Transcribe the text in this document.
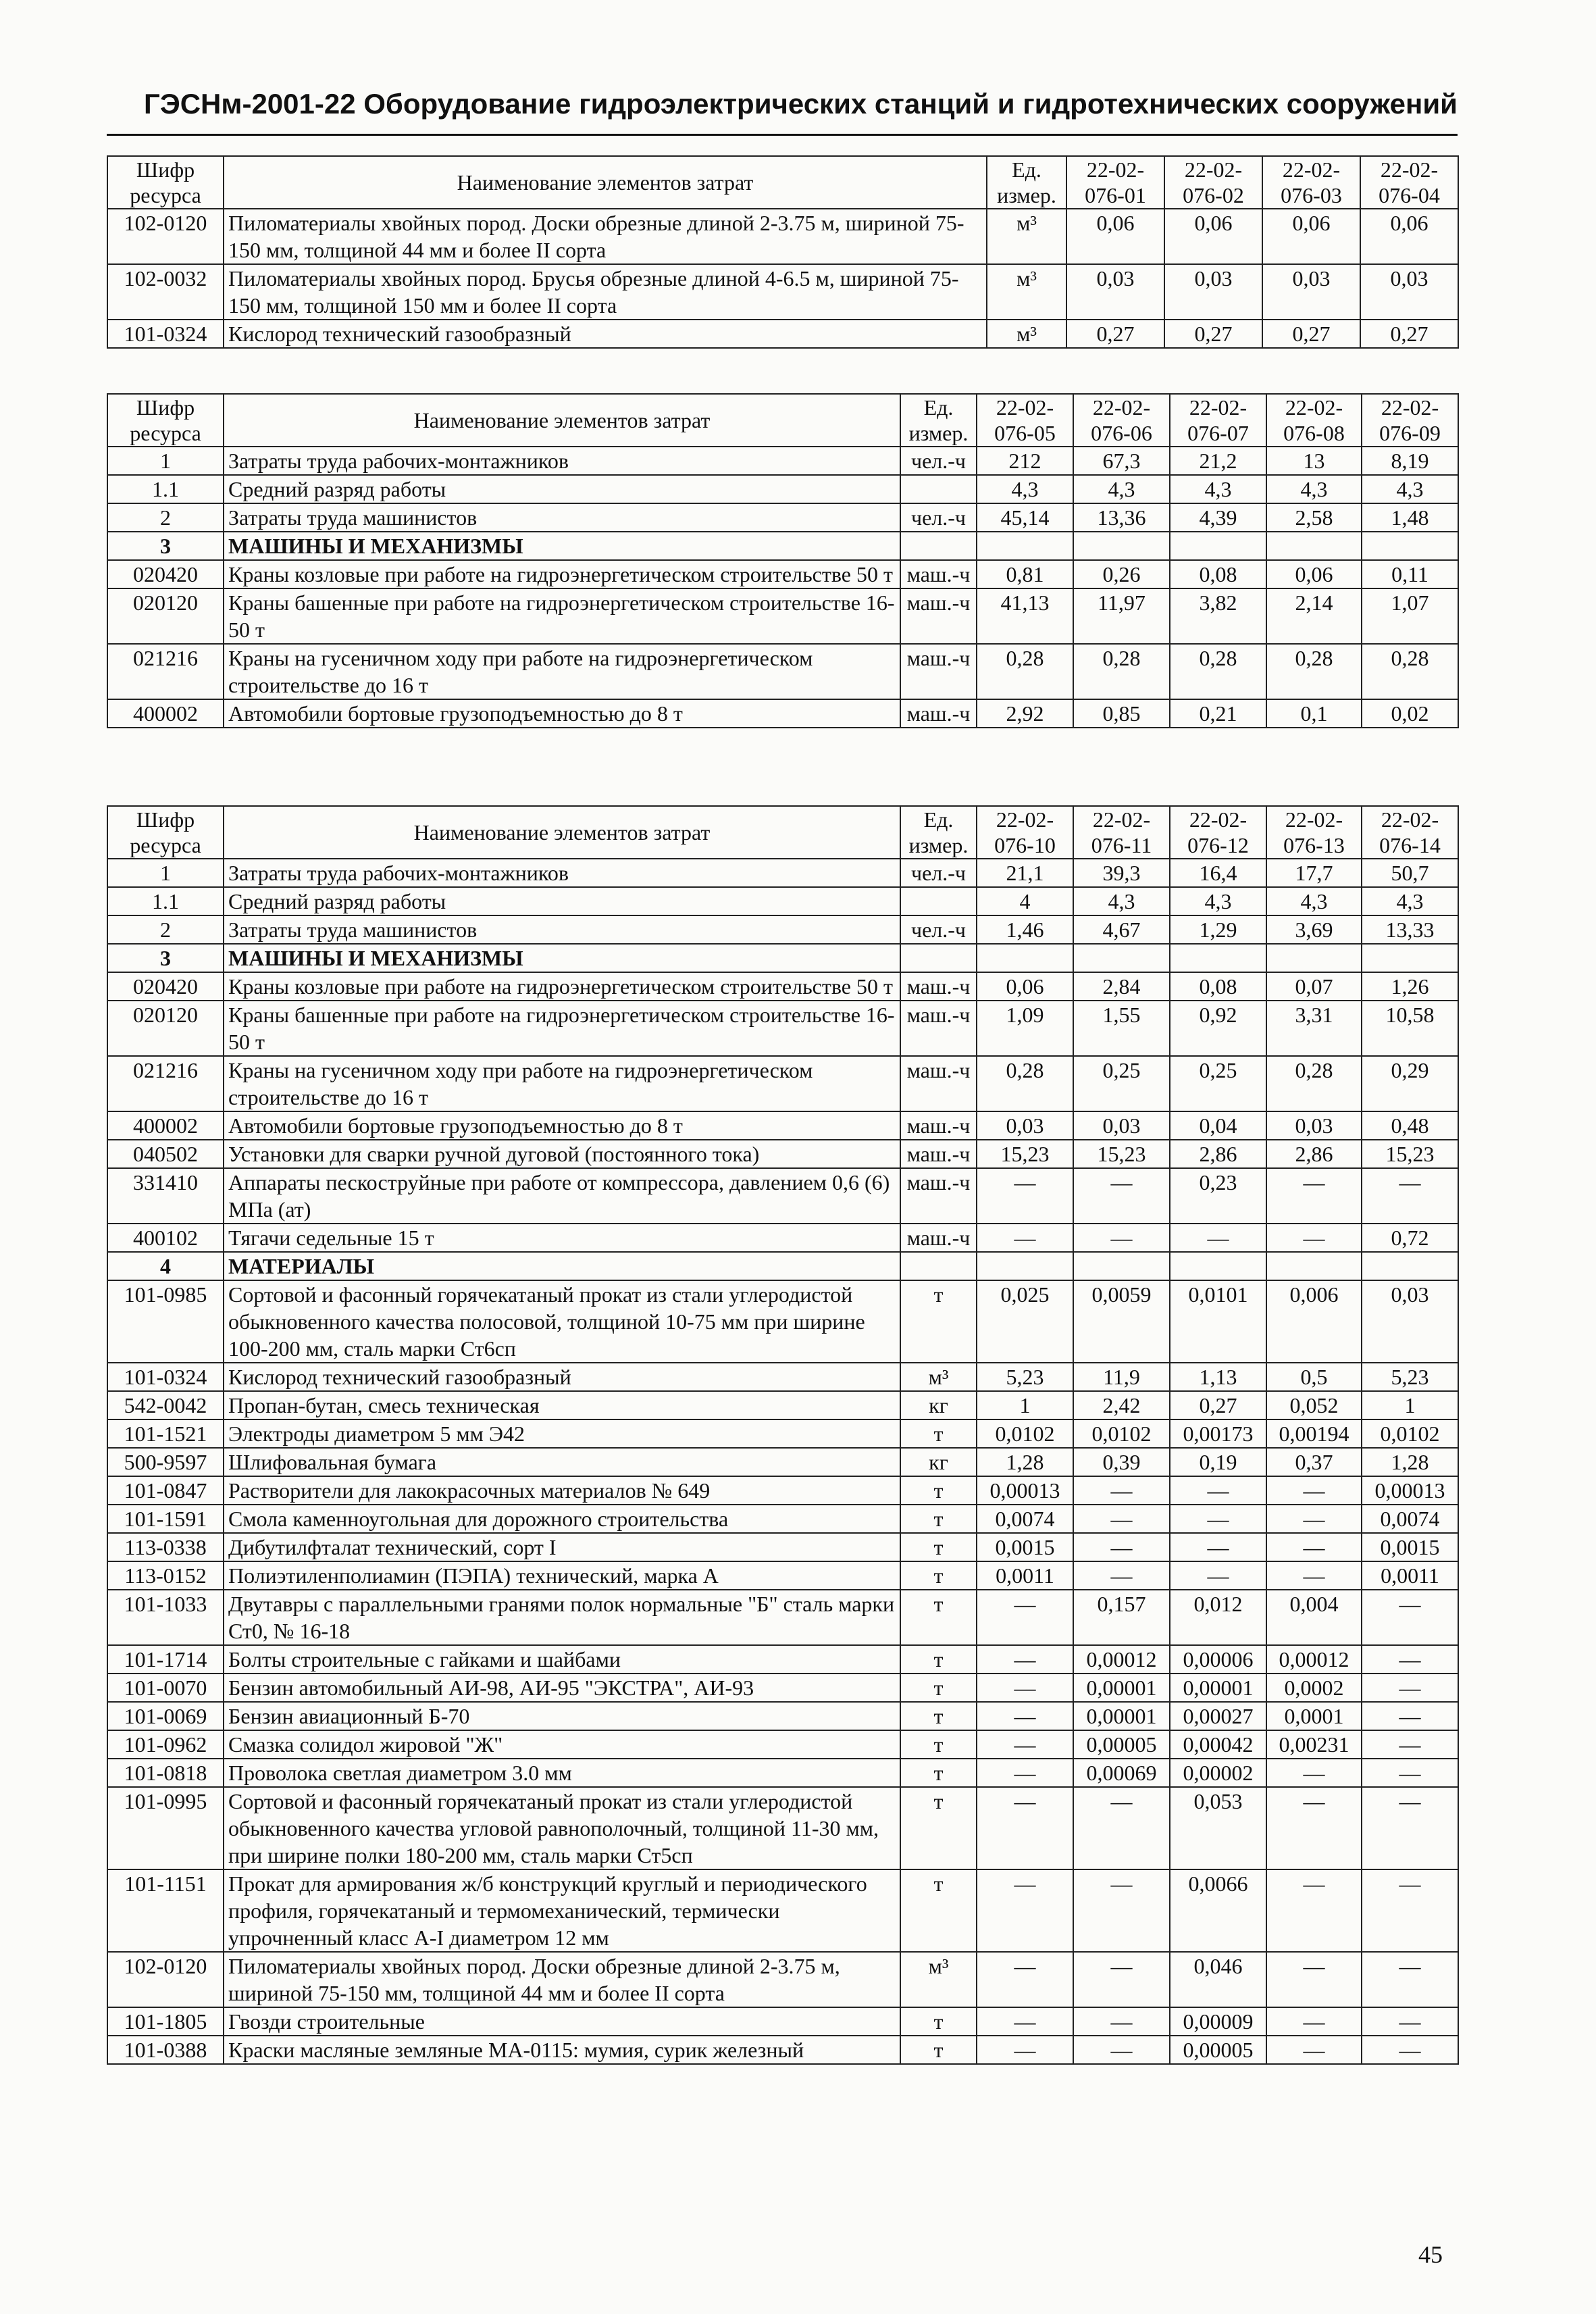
ГЭСНм-2001-22 Оборудование гидроэлектрических станций и гидротехнических сооружений
Шифр ресурса	Наименование элементов затрат	Ед. измер.	22-02-076-01	22-02-076-02	22-02-076-03	22-02-076-04
102-0120	Пиломатериалы хвойных пород. Доски обрезные длиной 2-3.75 м, шириной 75-150 мм, толщиной 44 мм и более II сорта	м³	0,06	0,06	0,06	0,06
102-0032	Пиломатериалы хвойных пород. Брусья обрезные длиной 4-6.5 м, шириной 75-150 мм, толщиной 150 мм и более II сорта	м³	0,03	0,03	0,03	0,03
101-0324	Кислород технический газообразный	м³	0,27	0,27	0,27	0,27
Шифр ресурса	Наименование элементов затрат	Ед. измер.	22-02-076-05	22-02-076-06	22-02-076-07	22-02-076-08	22-02-076-09
1	Затраты труда рабочих-монтажников	чел.-ч	212	67,3	21,2	13	8,19
1.1	Средний разряд работы		4,3	4,3	4,3	4,3	4,3
2	Затраты труда машинистов	чел.-ч	45,14	13,36	4,39	2,58	1,48
3	МАШИНЫ И МЕХАНИЗМЫ						
020420	Краны козловые при работе на гидроэнергетическом строительстве 50 т	маш.-ч	0,81	0,26	0,08	0,06	0,11
020120	Краны башенные при работе на гидроэнергетическом строительстве 16-50 т	маш.-ч	41,13	11,97	3,82	2,14	1,07
021216	Краны на гусеничном ходу при работе на гидроэнергетическом строительстве до 16 т	маш.-ч	0,28	0,28	0,28	0,28	0,28
400002	Автомобили бортовые грузоподъемностью до 8 т	маш.-ч	2,92	0,85	0,21	0,1	0,02
Шифр ресурса	Наименование элементов затрат	Ед. измер.	22-02-076-10	22-02-076-11	22-02-076-12	22-02-076-13	22-02-076-14
1	Затраты труда рабочих-монтажников	чел.-ч	21,1	39,3	16,4	17,7	50,7
1.1	Средний разряд работы		4	4,3	4,3	4,3	4,3
2	Затраты труда машинистов	чел.-ч	1,46	4,67	1,29	3,69	13,33
3	МАШИНЫ И МЕХАНИЗМЫ						
020420	Краны козловые при работе на гидроэнергетическом строительстве 50 т	маш.-ч	0,06	2,84	0,08	0,07	1,26
020120	Краны башенные при работе на гидроэнергетическом строительстве 16-50 т	маш.-ч	1,09	1,55	0,92	3,31	10,58
021216	Краны на гусеничном ходу при работе на гидроэнергетическом строительстве до 16 т	маш.-ч	0,28	0,25	0,25	0,28	0,29
400002	Автомобили бортовые грузоподъемностью до 8 т	маш.-ч	0,03	0,03	0,04	0,03	0,48
040502	Установки для сварки ручной дуговой (постоянного тока)	маш.-ч	15,23	15,23	2,86	2,86	15,23
331410	Аппараты пескоструйные при работе от компрессора, давлением 0,6 (6) МПа (ат)	маш.-ч	—	—	0,23	—	—
400102	Тягачи седельные 15 т	маш.-ч	—	—	—	—	0,72
4	МАТЕРИАЛЫ						
101-0985	Сортовой и фасонный горячекатаный прокат из стали углеродистой обыкновенного качества полосовой, толщиной 10-75 мм при ширине 100-200 мм, сталь марки Ст6сп	т	0,025	0,0059	0,0101	0,006	0,03
101-0324	Кислород технический газообразный	м³	5,23	11,9	1,13	0,5	5,23
542-0042	Пропан-бутан, смесь техническая	кг	1	2,42	0,27	0,052	1
101-1521	Электроды диаметром 5 мм Э42	т	0,0102	0,0102	0,00173	0,00194	0,0102
500-9597	Шлифовальная бумага	кг	1,28	0,39	0,19	0,37	1,28
101-0847	Растворители для лакокрасочных материалов № 649	т	0,00013	—	—	—	0,00013
101-1591	Смола каменноугольная для дорожного строительства	т	0,0074	—	—	—	0,0074
113-0338	Дибутилфталат технический, сорт I	т	0,0015	—	—	—	0,0015
113-0152	Полиэтиленполиамин (ПЭПА) технический, марка А	т	0,0011	—	—	—	0,0011
101-1033	Двутавры с параллельными гранями полок нормальные "Б" сталь марки Ст0, № 16-18	т	—	0,157	0,012	0,004	—
101-1714	Болты строительные с гайками и шайбами	т	—	0,00012	0,00006	0,00012	—
101-0070	Бензин автомобильный АИ-98, АИ-95 "ЭКСТРА", АИ-93	т	—	0,00001	0,00001	0,0002	—
101-0069	Бензин авиационный Б-70	т	—	0,00001	0,00027	0,0001	—
101-0962	Смазка солидол жировой "Ж"	т	—	0,00005	0,00042	0,00231	—
101-0818	Проволока светлая диаметром 3.0 мм	т	—	0,00069	0,00002	—	—
101-0995	Сортовой и фасонный горячекатаный прокат из стали углеродистой обыкновенного качества угловой равнополочный, толщиной 11-30 мм, при ширине полки 180-200 мм, сталь марки Ст5сп	т	—	—	0,053	—	—
101-1151	Прокат для армирования ж/б конструкций круглый и периодического профиля, горячекатаный и термомеханический, термически упрочненный класс А-I диаметром 12 мм	т	—	—	0,0066	—	—
102-0120	Пиломатериалы хвойных пород. Доски обрезные длиной 2-3.75 м, шириной 75-150 мм, толщиной 44 мм и более II сорта	м³	—	—	0,046	—	—
101-1805	Гвозди строительные	т	—	—	0,00009	—	—
101-0388	Краски масляные земляные МА-0115: мумия, сурик железный	т	—	—	0,00005	—	—
45
